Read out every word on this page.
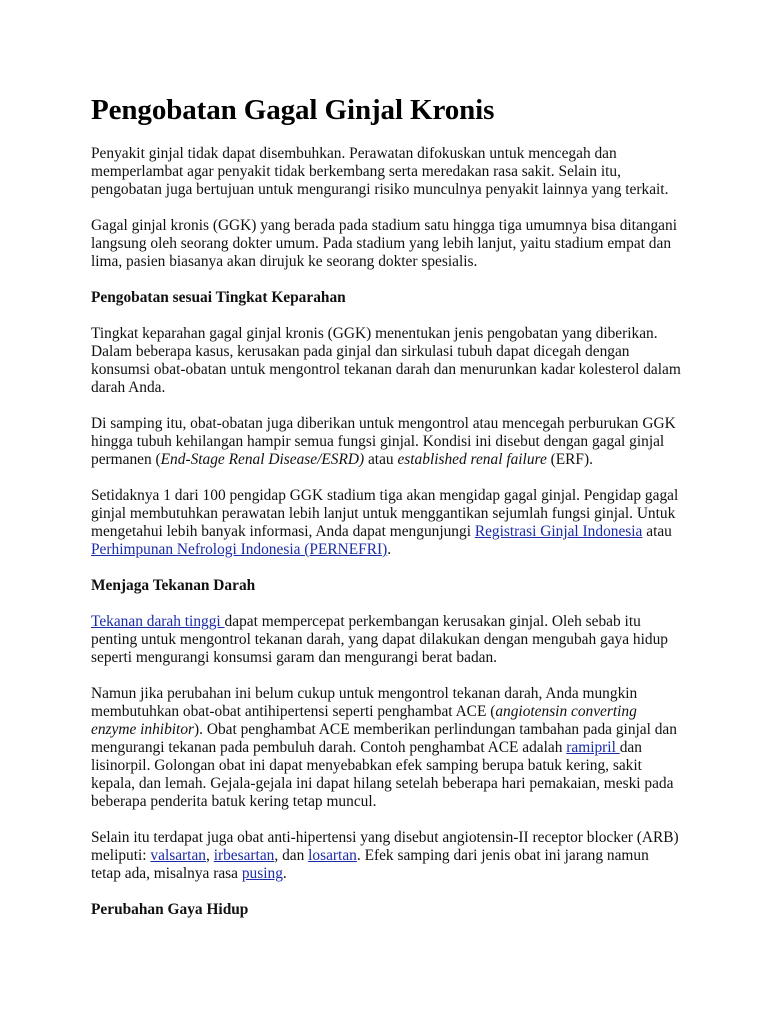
Pengobatan Gagal Ginjal Kronis

Penyakit ginjal tidak dapat disembuhkan. Perawatan difokuskan untuk mencegah dan memperlambat agar penyakit tidak berkembang serta meredakan rasa sakit. Selain itu, pengobatan juga bertujuan untuk mengurangi risiko munculnya penyakit lainnya yang terkait.

Gagal ginjal kronis (GGK) yang berada pada stadium satu hingga tiga umumnya bisa ditangani langsung oleh seorang dokter umum. Pada stadium yang lebih lanjut, yaitu stadium empat dan lima, pasien biasanya akan dirujuk ke seorang dokter spesialis.

Pengobatan sesuai Tingkat Keparahan

Tingkat keparahan gagal ginjal kronis (GGK) menentukan jenis pengobatan yang diberikan. Dalam beberapa kasus, kerusakan pada ginjal dan sirkulasi tubuh dapat dicegah dengan konsumsi obat-obatan untuk mengontrol tekanan darah dan menurunkan kadar kolesterol dalam darah Anda.

Di samping itu, obat-obatan juga diberikan untuk mengontrol atau mencegah perburukan GGK hingga tubuh kehilangan hampir semua fungsi ginjal. Kondisi ini disebut dengan gagal ginjal permanen (End-Stage Renal Disease/ESRD) atau established renal failure (ERF).

Setidaknya 1 dari 100 pengidap GGK stadium tiga akan mengidap gagal ginjal. Pengidap gagal ginjal membutuhkan perawatan lebih lanjut untuk menggantikan sejumlah fungsi ginjal. Untuk mengetahui lebih banyak informasi, Anda dapat mengunjungi Registrasi Ginjal Indonesia atau Perhimpunan Nefrologi Indonesia (PERNEFRI).

Menjaga Tekanan Darah

Tekanan darah tinggi dapat mempercepat perkembangan kerusakan ginjal. Oleh sebab itu penting untuk mengontrol tekanan darah, yang dapat dilakukan dengan mengubah gaya hidup seperti mengurangi konsumsi garam dan mengurangi berat badan.

Namun jika perubahan ini belum cukup untuk mengontrol tekanan darah, Anda mungkin membutuhkan obat-obat antihipertensi seperti penghambat ACE (angiotensin converting enzyme inhibitor). Obat penghambat ACE memberikan perlindungan tambahan pada ginjal dan mengurangi tekanan pada pembuluh darah. Contoh penghambat ACE adalah ramipril dan lisinorpil. Golongan obat ini dapat menyebabkan efek samping berupa batuk kering, sakit kepala, dan lemah. Gejala-gejala ini dapat hilang setelah beberapa hari pemakaian, meski pada beberapa penderita batuk kering tetap muncul.

Selain itu terdapat juga obat anti-hipertensi yang disebut angiotensin-II receptor blocker (ARB) meliputi: valsartan, irbesartan, dan losartan. Efek samping dari jenis obat ini jarang namun tetap ada, misalnya rasa pusing.

Perubahan Gaya Hidup
